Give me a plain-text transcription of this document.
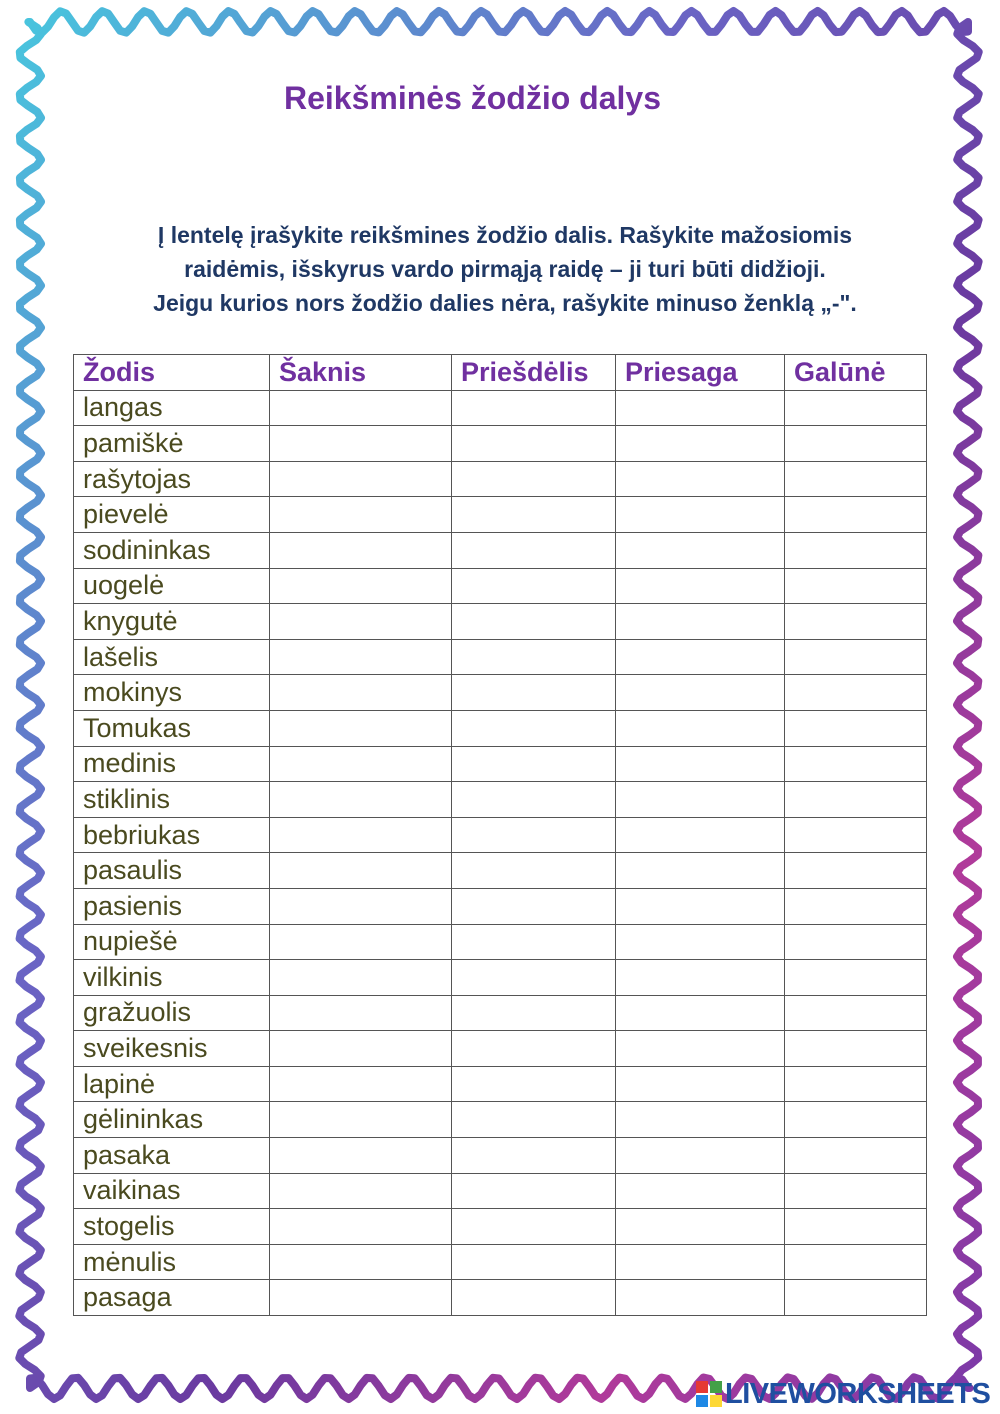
Reikšminės žodžio dalys
Į lentelę įrašykite reikšmines žodžio dalis. Rašykite mažosiomis
raidėmis, išskyrus vardo pirmąją raidę – ji turi būti didžioji.
Jeigu kurios nors žodžio dalies nėra, rašykite minuso ženklą „-".
Žodis	Šaknis	Priešdėlis	Priesaga	Galūnė
langas				
pamiškė				
rašytojas				
pievelė				
sodininkas				
uogelė				
knygutė				
lašelis				
mokinys				
Tomukas				
medinis				
stiklinis				
bebriukas				
pasaulis				
pasienis				
nupiešė				
vilkinis				
gražuolis				
sveikesnis				
lapinė				
gėlininkas				
pasaka				
vaikinas				
stogelis				
mėnulis				
pasaga				
LIVEWORKSHEETS
